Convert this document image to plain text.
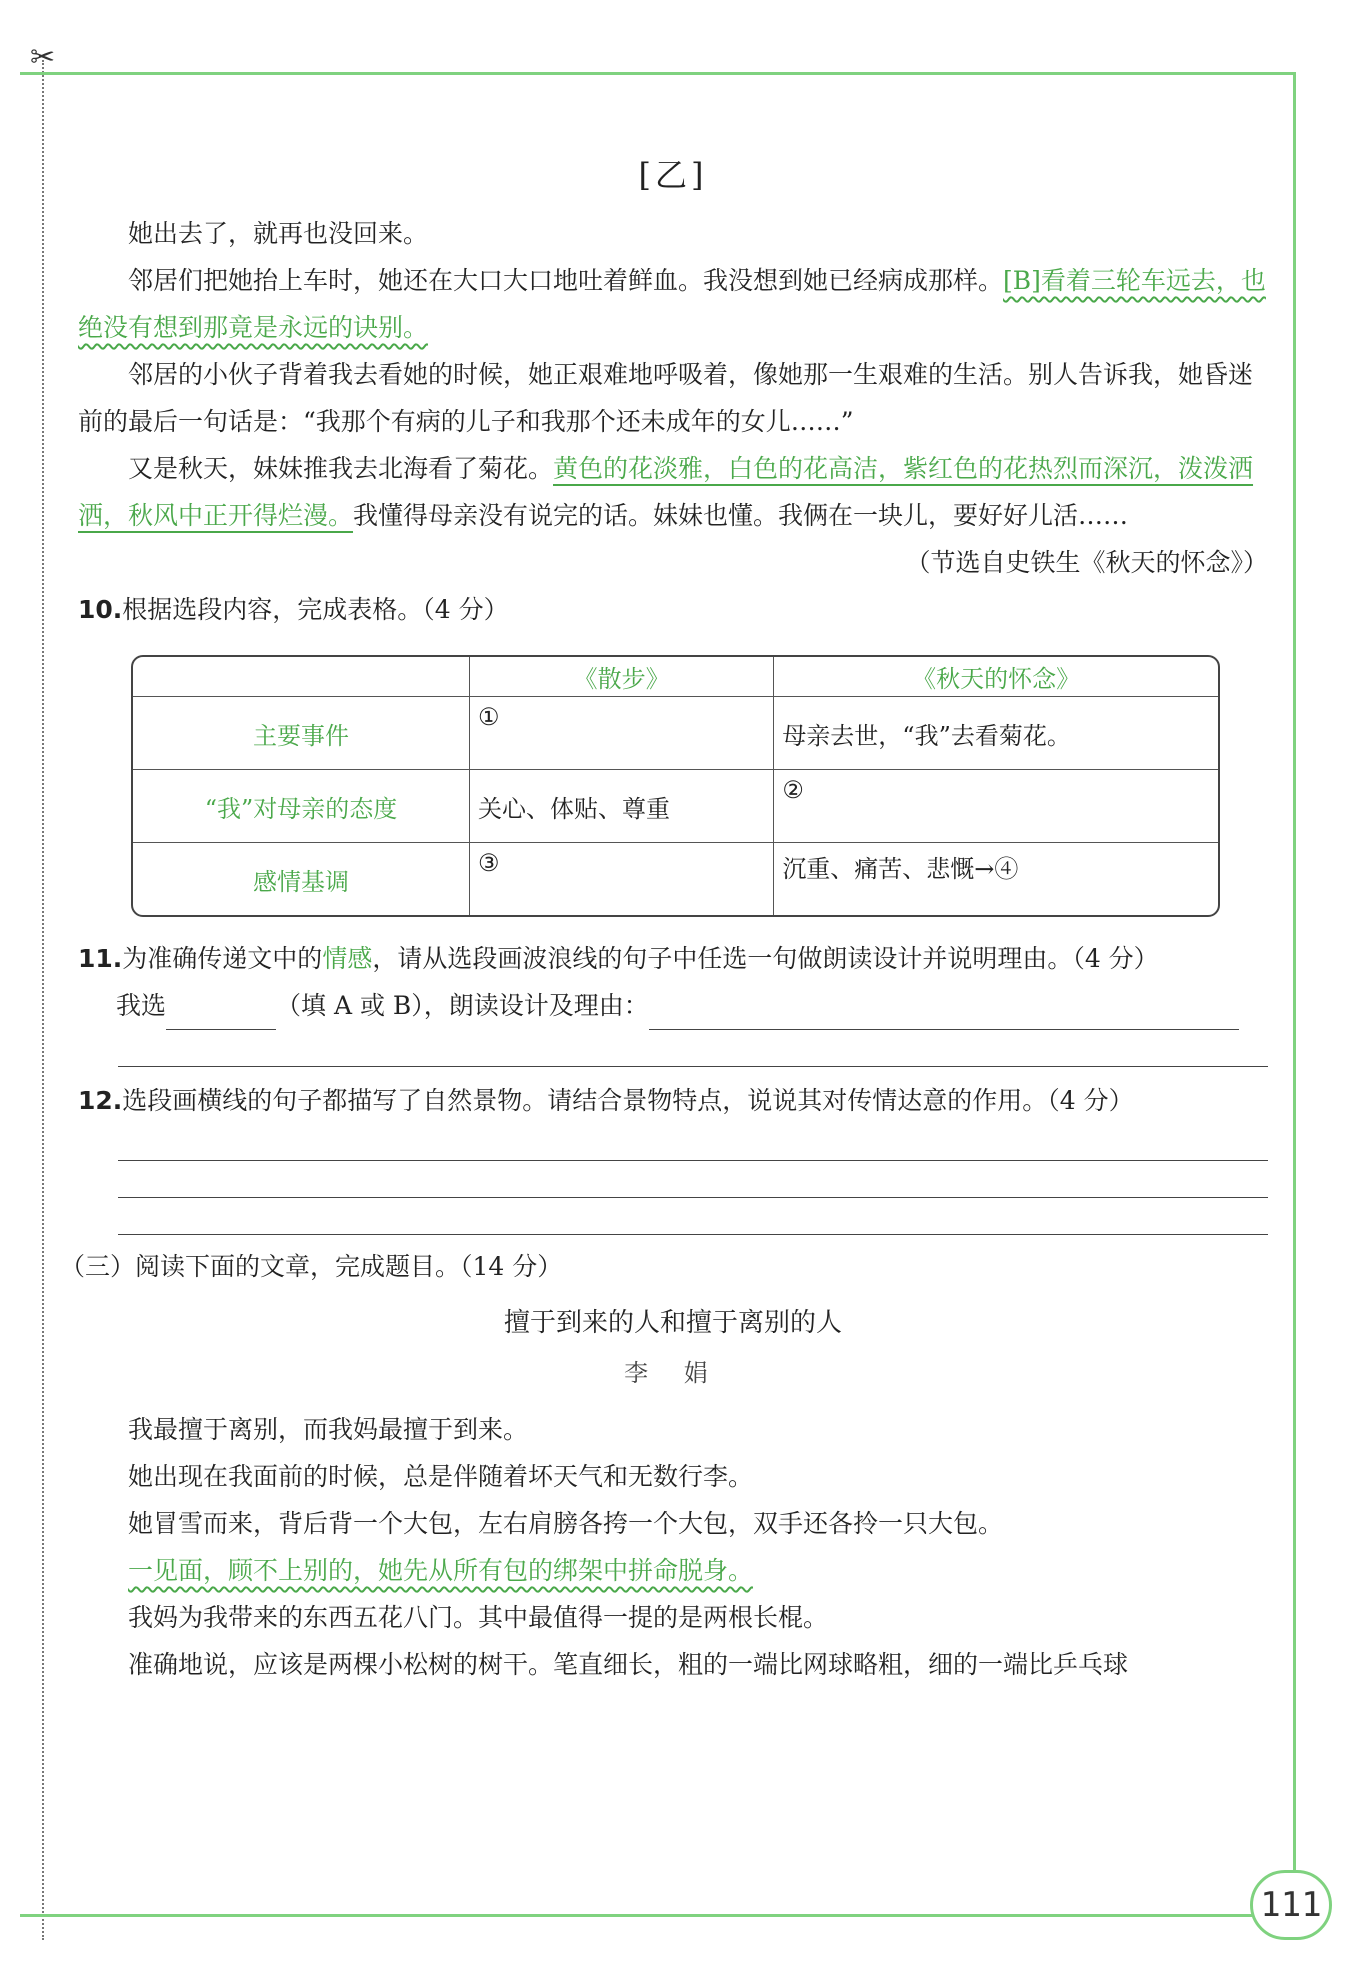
✂
[乙]

她出去了，就再也没回来。

邻居们把她抬上车时，她还在大口大口地吐着鲜血。我没想到她已经病成那样。[B]看着三轮车远去，也绝没有想到那竟是永远的诀别。

邻居的小伙子背着我去看她的时候，她正艰难地呼吸着，像她那一生艰难的生活。别人告诉我，她昏迷前的最后一句话是：“我那个有病的儿子和我那个还未成年的女儿……”

又是秋天，妹妹推我去北海看了菊花。黄色的花淡雅，白色的花高洁，紫红色的花热烈而深沉，泼泼洒洒，秋风中正开得烂漫。我懂得母亲没有说完的话。妹妹也懂。我俩在一块儿，要好好儿活……

（节选自史铁生《秋天的怀念》）

10.根据选段内容，完成表格。（4 分）

	《散步》	《秋天的怀念》
主要事件	①	母亲去世，“我”去看菊花。
“我”对母亲的态度	关心、体贴、尊重	②
感情基调	③	沉重、痛苦、悲慨→④

11.为准确传递文中的情感，请从选段画波浪线的句子中任选一句做朗读设计并说明理由。（4 分）

我选	（填 A 或 B），朗读设计及理由：

12.选段画横线的句子都描写了自然景物。请结合景物特点，说说其对传情达意的作用。（4 分）

（三）阅读下面的文章，完成题目。（14 分）

擅于到来的人和擅于离别的人
李 娟

我最擅于离别，而我妈最擅于到来。

她出现在我面前的时候，总是伴随着坏天气和无数行李。

她冒雪而来，背后背一个大包，左右肩膀各挎一个大包，双手还各拎一只大包。

一见面，顾不上别的，她先从所有包的绑架中拼命脱身。

我妈为我带来的东西五花八门。其中最值得一提的是两根长棍。

准确地说，应该是两棵小松树的树干。笔直细长，粗的一端比网球略粗，细的一端比乒乓球

111
